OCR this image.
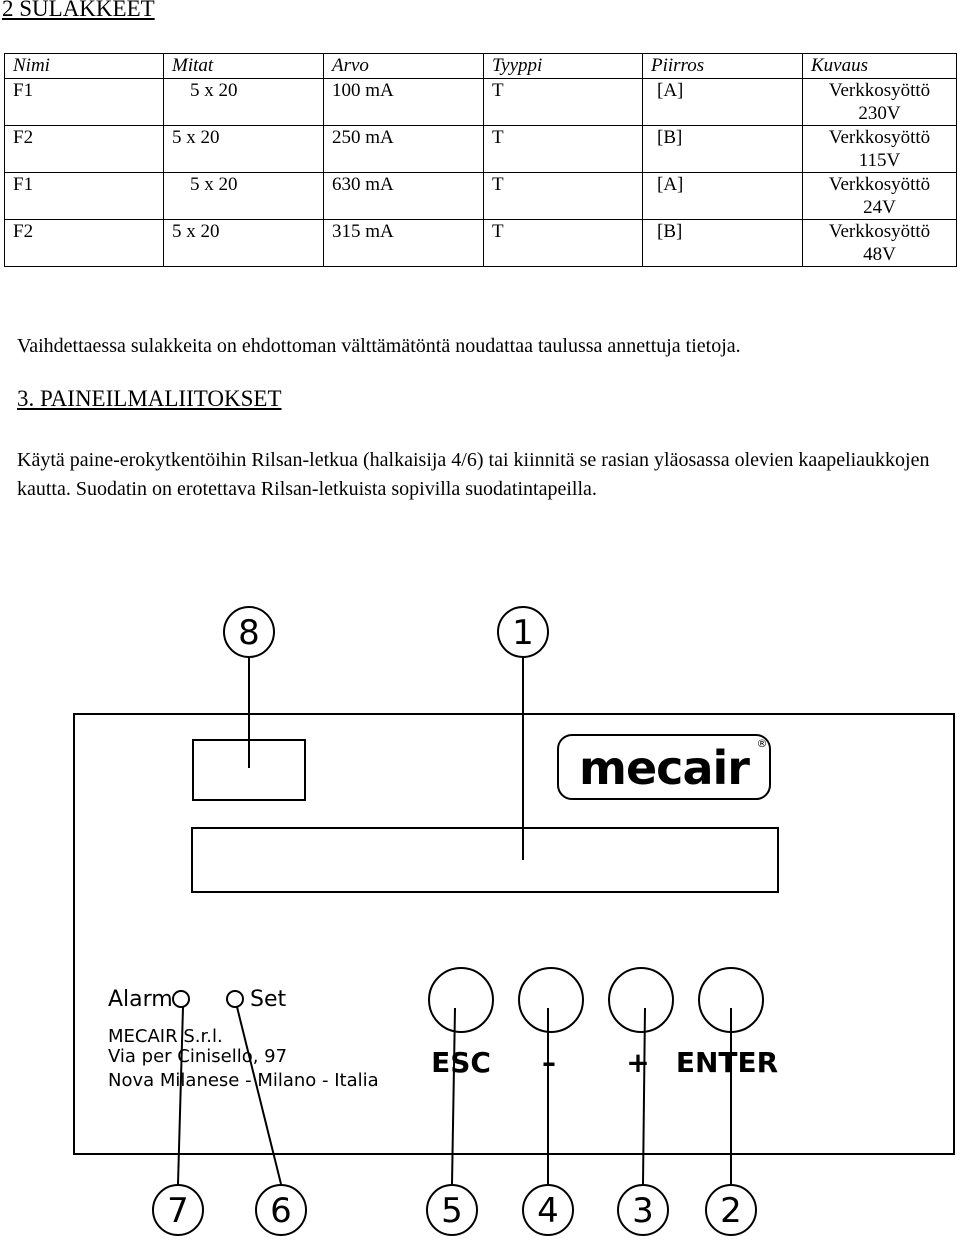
2 SULAKKEET
Nimi	Mitat	Arvo	Tyyppi	Piirros	Kuvaus
F1	5 x 20	100 mA	T	[A]	Verkkosyöttö 230V
F2	5 x 20	250 mA	T	[B]	Verkkosyöttö 115V
F1	5 x 20	630 mA	T	[A]	Verkkosyöttö 24V
F2	5 x 20	315 mA	T	[B]	Verkkosyöttö 48V
Vaihdettaessa sulakkeita on ehdottoman välttämätöntä noudattaa taulussa annettuja tietoja.
3. PAINEILMALIITOKSET
Käytä paine-erokytkentöihin Rilsan-letkua (halkaisija 4/6) tai kiinnitä se rasian yläosassa olevien kaapeliaukkojen kautta. Suodatin on erotettava Rilsan-letkuista sopivilla suodatintapeilla.
8	1
7 6	5 4 3 2
mecair ®
Alarm	Set
MECAIR S.r.l.
Via per Cinisello, 97
Nova Milanese - Milano - Italia
ESC –	+ ENTER
